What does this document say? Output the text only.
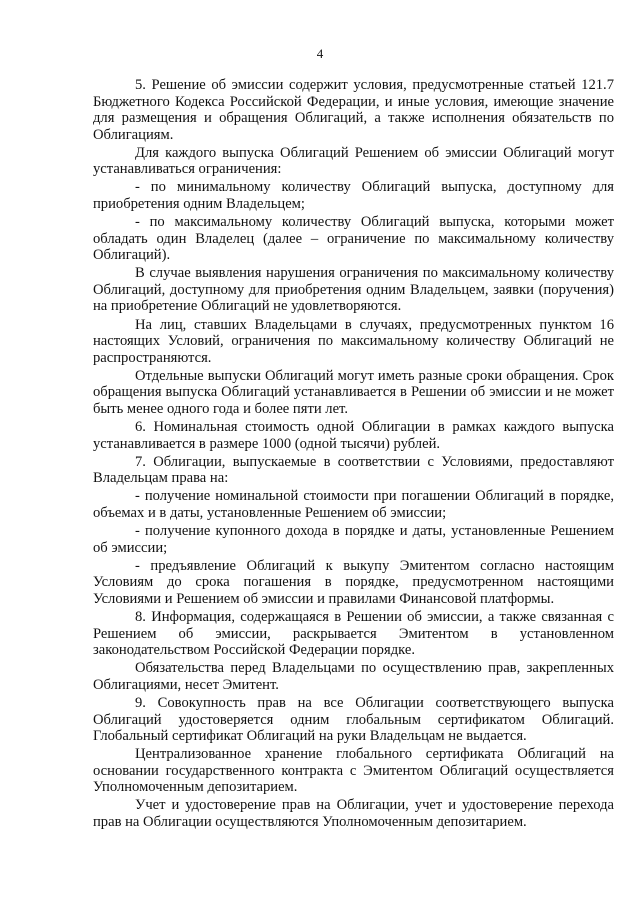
4

5. Решение об эмиссии содержит условия, предусмотренные статьей 121.7 Бюджетного Кодекса Российской Федерации, и иные условия, имеющие значение для размещения и обращения Облигаций, а также исполнения обязательств по Облигациям.

Для каждого выпуска Облигаций Решением об эмиссии Облигаций могут устанавливаться ограничения:

- по минимальному количеству Облигаций выпуска, доступному для приобретения одним Владельцем;

- по максимальному количеству Облигаций выпуска, которыми может обладать один Владелец (далее – ограничение по максимальному количеству Облигаций).

В случае выявления нарушения ограничения по максимальному количеству Облигаций, доступному для приобретения одним Владельцем, заявки (поручения) на приобретение Облигаций не удовлетворяются.

На лиц, ставших Владельцами в случаях, предусмотренных пунктом 16 настоящих Условий, ограничения по максимальному количеству Облигаций не распространяются.

Отдельные выпуски Облигаций могут иметь разные сроки обращения. Срок обращения выпуска Облигаций устанавливается в Решении об эмиссии и не может быть менее одного года и более пяти лет.

6. Номинальная стоимость одной Облигации в рамках каждого выпуска устанавливается в размере 1000 (одной тысячи) рублей.

7. Облигации, выпускаемые в соответствии с Условиями, предоставляют Владельцам права на:

- получение номинальной стоимости при погашении Облигаций в порядке, объемах и в даты, установленные Решением об эмиссии;

- получение купонного дохода в порядке и даты, установленные Решением об эмиссии;

- предъявление Облигаций к выкупу Эмитентом согласно настоящим Условиям до срока погашения в порядке, предусмотренном настоящими Условиями и Решением об эмиссии и правилами Финансовой платформы.

8. Информация, содержащаяся в Решении об эмиссии, а также связанная с Решением об эмиссии, раскрывается Эмитентом в установленном законодательством Российской Федерации порядке.

Обязательства перед Владельцами по осуществлению прав, закрепленных Облигациями, несет Эмитент.

9. Совокупность прав на все Облигации соответствующего выпуска Облигаций удостоверяется одним глобальным сертификатом Облигаций. Глобальный сертификат Облигаций на руки Владельцам не выдается.

Централизованное хранение глобального сертификата Облигаций на основании государственного контракта с Эмитентом Облигаций осуществляется Уполномоченным депозитарием.

Учет и удостоверение прав на Облигации, учет и удостоверение перехода прав на Облигации осуществляются Уполномоченным депозитарием.
